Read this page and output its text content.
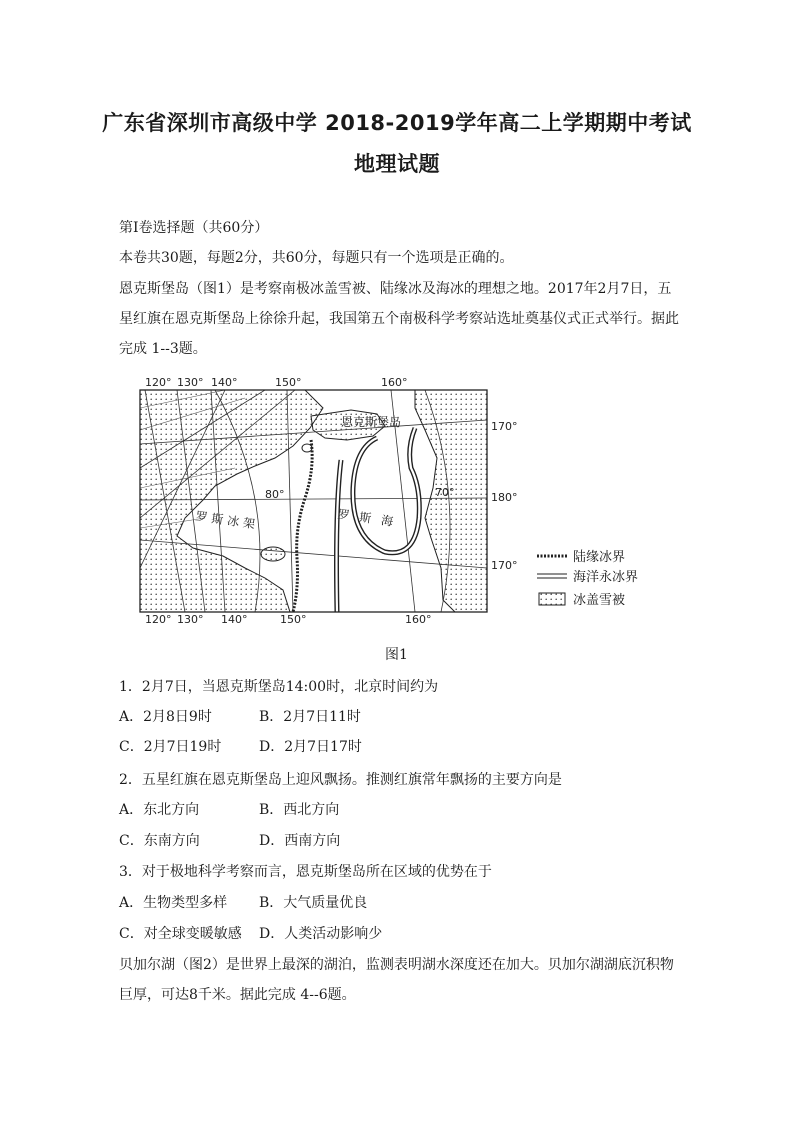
广东省深圳市高级中学 2018-2019学年高二上学期期中考试
地理试题
第Ⅰ卷选择题（共60分）
本卷共30题，每题2分，共60分，每题只有一个选项是正确的。
恩克斯堡岛（图1）是考察南极冰盖雪被、陆缘冰及海冰的理想之地。2017年2月7日，五星红旗在恩克斯堡岛上徐徐升起，我国第五个南极科学考察站选址奠基仪式正式举行。据此完成 1--3题。
120° 130° 140°	150°	160°
120° 130° 140°	150°	160°
170°
180°
170°
80°	70°
恩克斯堡岛
罗斯冰架	罗斯海
陆缘冰界
海洋永冰界
冰盖雪被
图1
1．2月7日，当恩克斯堡岛14:00时，北京时间约为
A．2月8日9时	B．2月7日11时
C．2月7日19时	D．2月7日17时
2．五星红旗在恩克斯堡岛上迎风飘扬。推测红旗常年飘扬的主要方向是
A．东北方向	B．西北方向
C．东南方向	D．西南方向
3．对于极地科学考察而言，恩克斯堡岛所在区域的优势在于
A．生物类型多样 B．大气质量优良
C．对全球变暖敏感 D．人类活动影响少
贝加尔湖（图2）是世界上最深的湖泊，监测表明湖水深度还在加大。贝加尔湖湖底沉积物巨厚，可达8千米。据此完成 4--6题。
